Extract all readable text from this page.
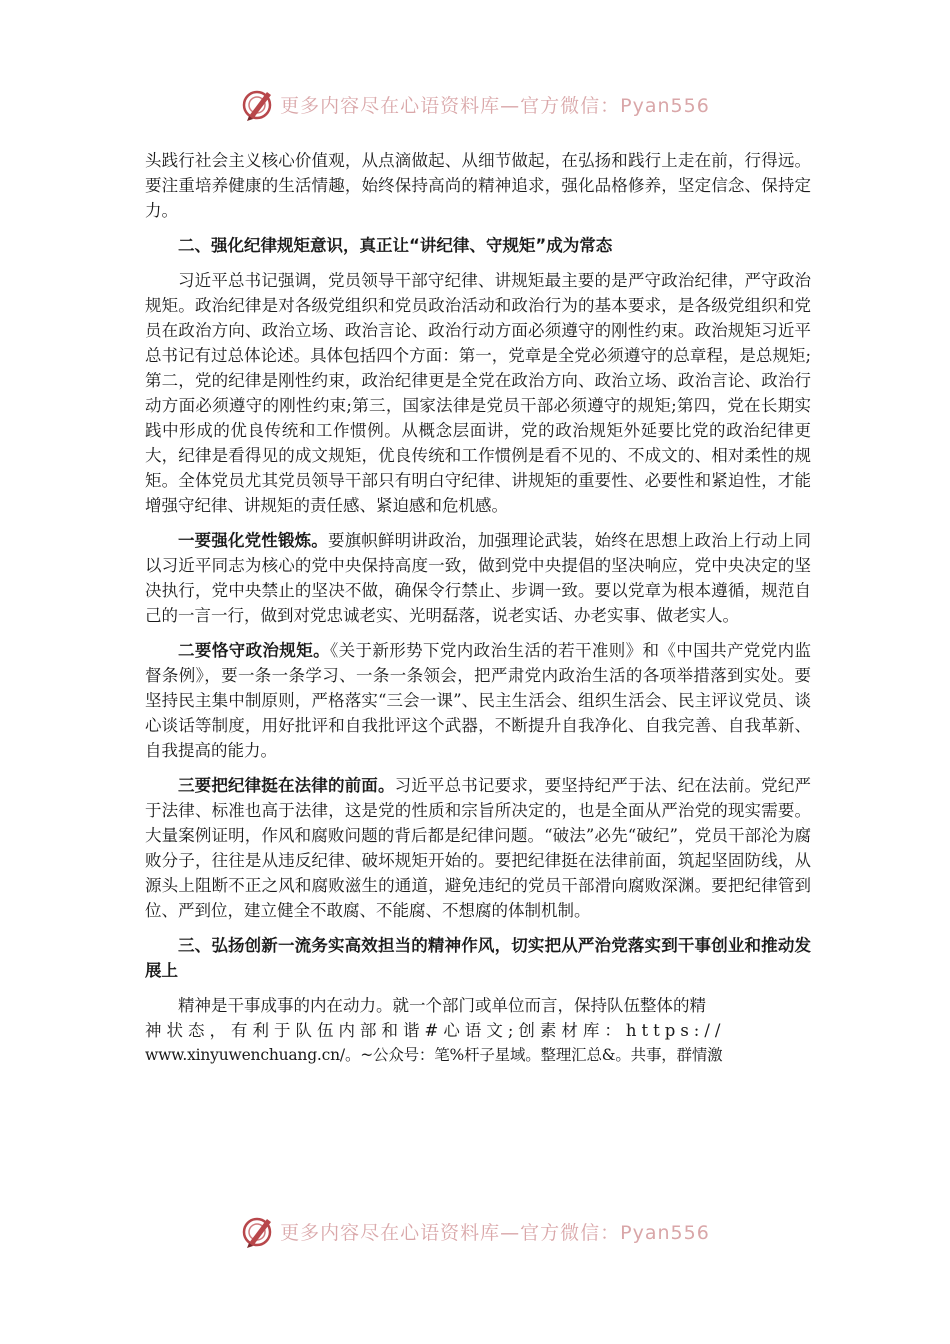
更多内容尽在心语资料库—官方微信：Pyan556

头践行社会主义核心价值观，从点滴做起、从细节做起，在弘扬和践行上走在前，行得远。要注重培养健康的生活情趣，始终保持高尚的精神追求，强化品格修养，坚定信念、保持定力。

二、强化纪律规矩意识，真正让“讲纪律、守规矩”成为常态

习近平总书记强调，党员领导干部守纪律、讲规矩最主要的是严守政治纪律，严守政治规矩。政治纪律是对各级党组织和党员政治活动和政治行为的基本要求，是各级党组织和党员在政治方向、政治立场、政治言论、政治行动方面必须遵守的刚性约束。政治规矩习近平总书记有过总体论述。具体包括四个方面：第一，党章是全党必须遵守的总章程，是总规矩;第二，党的纪律是刚性约束，政治纪律更是全党在政治方向、政治立场、政治言论、政治行动方面必须遵守的刚性约束;第三，国家法律是党员干部必须遵守的规矩;第四，党在长期实践中形成的优良传统和工作惯例。从概念层面讲，党的政治规矩外延要比党的政治纪律更大，纪律是看得见的成文规矩，优良传统和工作惯例是看不见的、不成文的、相对柔性的规矩。全体党员尤其党员领导干部只有明白守纪律、讲规矩的重要性、必要性和紧迫性，才能增强守纪律、讲规矩的责任感、紧迫感和危机感。

一要强化党性锻炼。要旗帜鲜明讲政治，加强理论武装，始终在思想上政治上行动上同以习近平同志为核心的党中央保持高度一致，做到党中央提倡的坚决响应，党中央决定的坚决执行，党中央禁止的坚决不做，确保令行禁止、步调一致。要以党章为根本遵循，规范自己的一言一行，做到对党忠诚老实、光明磊落，说老实话、办老实事、做老实人。

二要恪守政治规矩。《关于新形势下党内政治生活的若干准则》和《中国共产党党内监督条例》，要一条一条学习、一条一条领会，把严肃党内政治生活的各项举措落到实处。要坚持民主集中制原则，严格落实“三会一课”、民主生活会、组织生活会、民主评议党员、谈心谈话等制度，用好批评和自我批评这个武器，不断提升自我净化、自我完善、自我革新、自我提高的能力。

三要把纪律挺在法律的前面。习近平总书记要求，要坚持纪严于法、纪在法前。党纪严于法律、标准也高于法律，这是党的性质和宗旨所决定的，也是全面从严治党的现实需要。大量案例证明，作风和腐败问题的背后都是纪律问题。“破法”必先“破纪”，党员干部沦为腐败分子，往往是从违反纪律、破坏规矩开始的。要把纪律挺在法律前面，筑起坚固防线，从源头上阻断不正之风和腐败滋生的通道，避免违纪的党员干部滑向腐败深渊。要把纪律管到位、严到位，建立健全不敢腐、不能腐、不想腐的体制机制。

三、弘扬创新一流务实高效担当的精神作风，切实把从严治党落实到干事创业和推动发展上

精神是干事成事的内在动力。就一个部门或单位而言，保持队伍整体的精

神状态，有利于队伍内部和谐#心语文;创素材库：https://

www.xinyuwenchuang.cn/。~公众号：笔%杆子星域。整理汇总&。共事，群情激

更多内容尽在心语资料库—官方微信：Pyan556
